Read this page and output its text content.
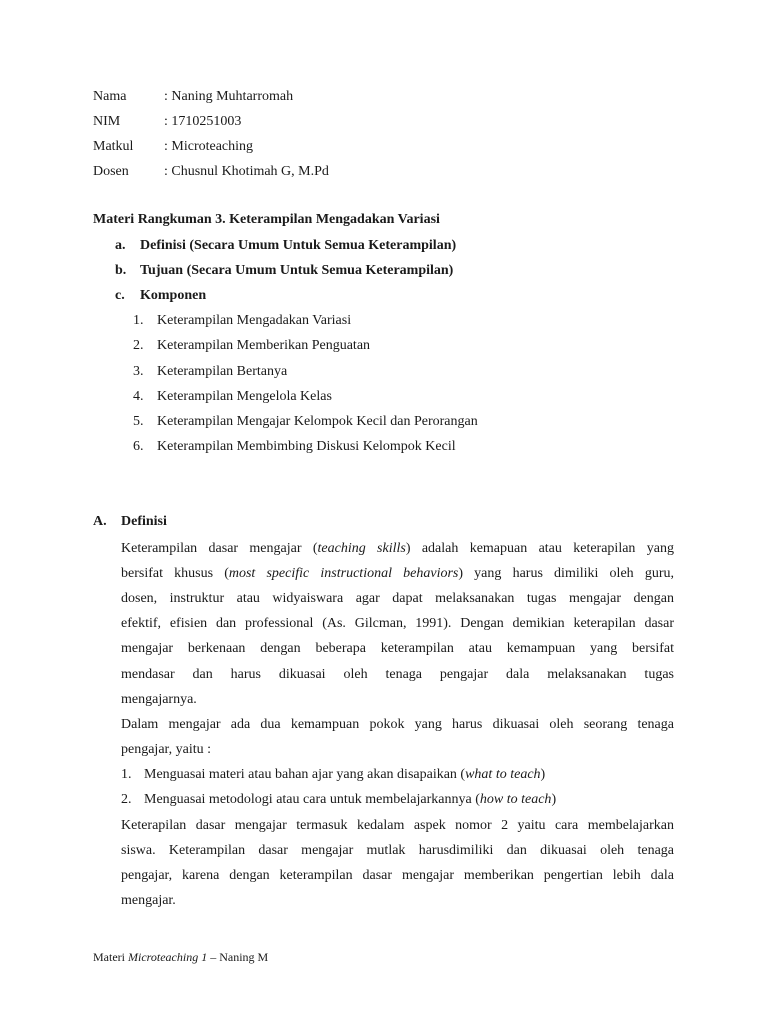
Nama	: Naning Muhtarromah
NIM	: 1710251003
Matkul	: Microteaching
Dosen	: Chusnul Khotimah G, M.Pd
Materi Rangkuman 3. Keterampilan Mengadakan Variasi
a. Definisi (Secara Umum Untuk Semua Keterampilan)
b. Tujuan (Secara Umum Untuk Semua Keterampilan)
c. Komponen
1. Keterampilan Mengadakan Variasi
2. Keterampilan Memberikan Penguatan
3. Keterampilan Bertanya
4. Keterampilan Mengelola Kelas
5. Keterampilan Mengajar Kelompok Kecil dan Perorangan
6. Keterampilan Membimbing Diskusi Kelompok Kecil
A. Definisi
Keterampilan dasar mengajar (teaching skills) adalah kemapuan atau keterapilan yang
bersifat khusus (most specific instructional behaviors) yang harus dimiliki oleh guru,
dosen, instruktur atau widyaiswara agar dapat melaksanakan tugas mengajar dengan
efektif, efisien dan professional (As. Gilcman, 1991). Dengan demikian keterapilan dasar
mengajar berkenaan dengan beberapa keterampilan atau kemampuan yang bersifat
mendasar dan harus dikuasai oleh tenaga pengajar dala melaksanakan tugas
mengajarnya.
Dalam mengajar ada dua kemampuan pokok yang harus dikuasai oleh seorang tenaga
pengajar, yaitu :
1. Menguasai materi atau bahan ajar yang akan disapaikan (what to teach)
2. Menguasai metodologi atau cara untuk membelajarkannya (how to teach)
Keterapilan dasar mengajar termasuk kedalam aspek nomor 2 yaitu cara membelajarkan
siswa. Keterampilan dasar mengajar mutlak harusdimiliki dan dikuasai oleh tenaga
pengajar, karena dengan keterampilan dasar mengajar memberikan pengertian lebih dala
mengajar.
Materi Microteaching 1 – Naning M
